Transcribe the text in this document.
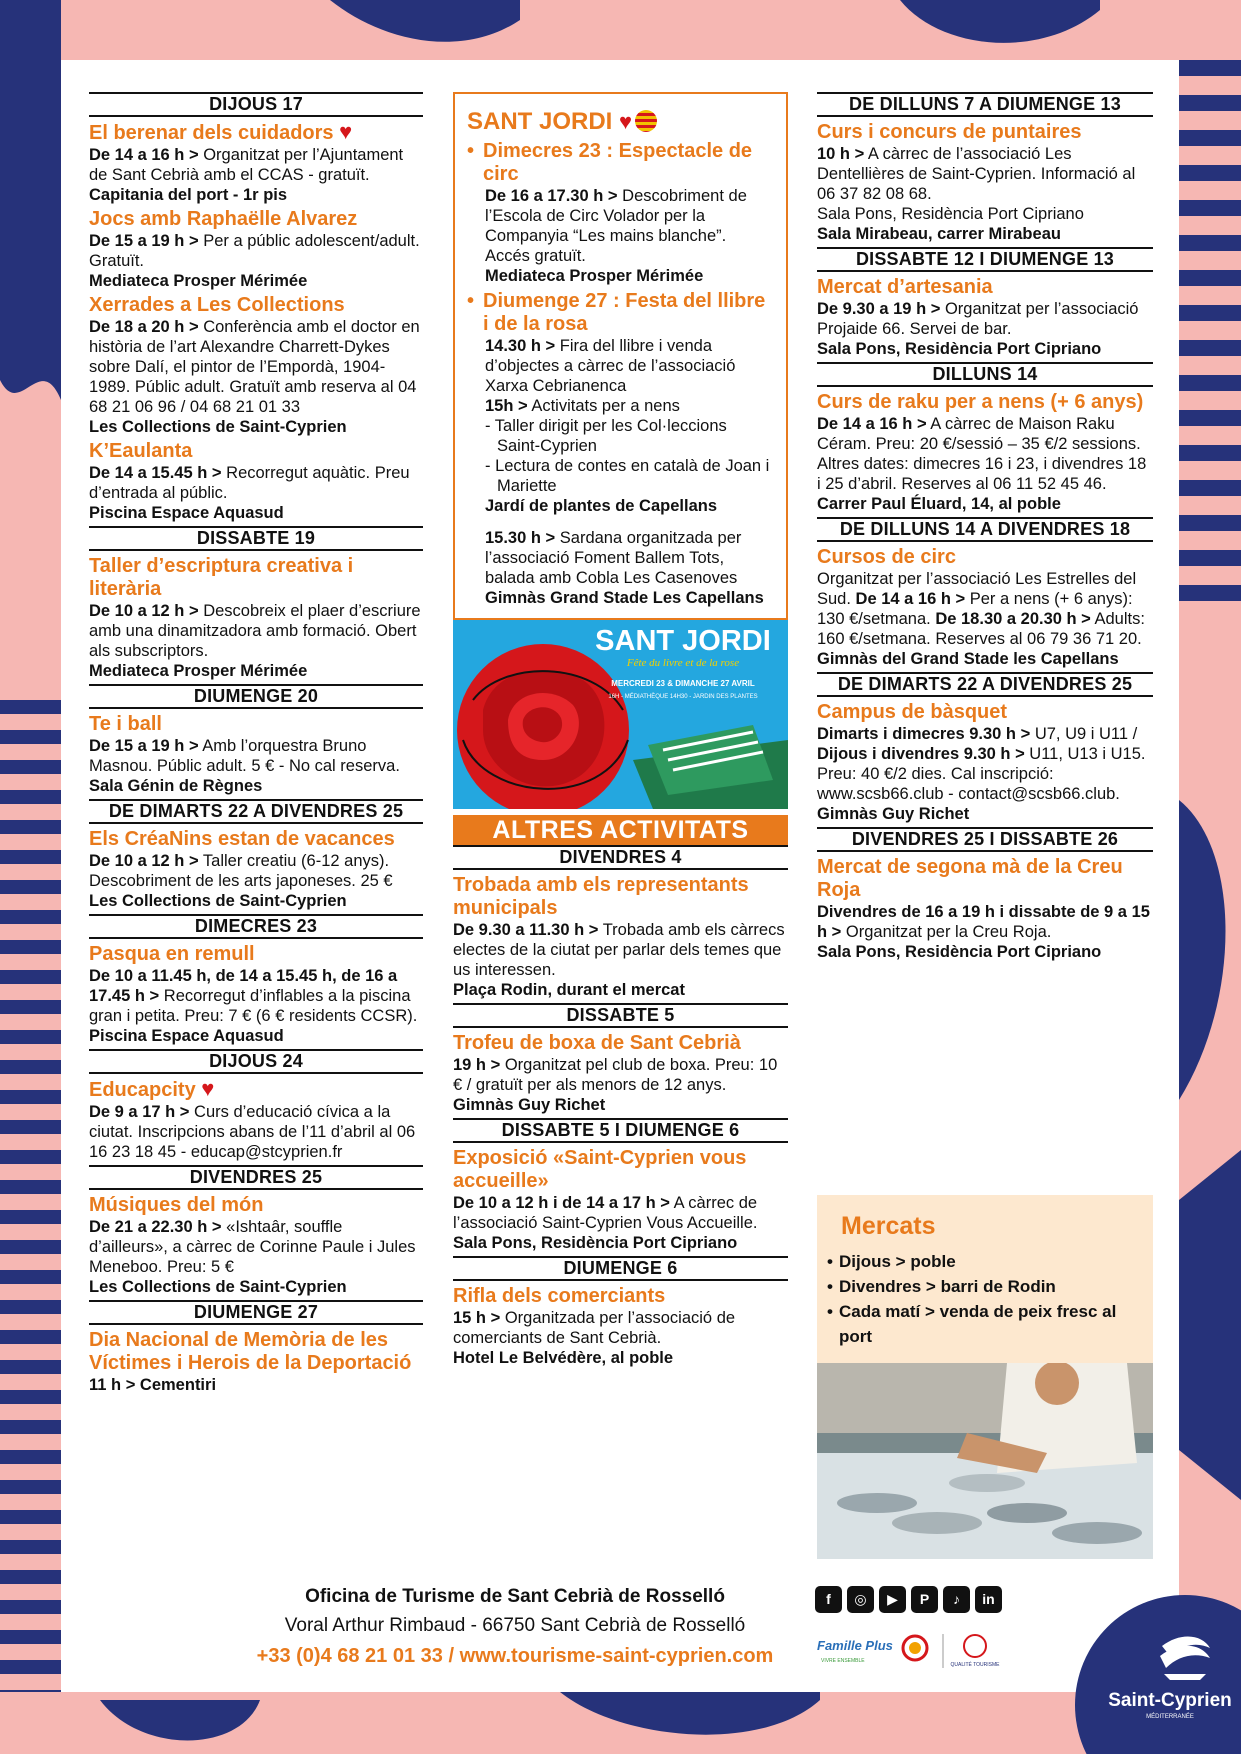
DIJOUS 17
El berenar dels cuidadors ♥
De 14 a 16 h > Organitzat per l’Ajuntament de Sant Cebrià amb el CCAS - gratuït.
Capitania del port - 1r pis
Jocs amb Raphaëlle Alvarez
De 15 a 19 h > Per a públic adolescent/adult. Gratuït.
Mediateca Prosper Mérimée
Xerrades a Les Collections
De 18 a 20 h > Conferència amb el doctor en història de l’art Alexandre Charrett-Dykes sobre Dalí, el pintor de l’Empordà, 1904-1989. Públic adult. Gratuït amb reserva al 04 68 21 06 96 / 04 68 21 01 33
Les Collections de Saint-Cyprien
K’Eaulanta
De 14 a 15.45 h > Recorregut aquàtic. Preu d’entrada al públic.
Piscina Espace Aquasud
DISSABTE 19
Taller d’escriptura creativa i literària
De 10 a 12 h > Descobreix el plaer d’escriure amb una dinamitzadora amb formació. Obert als subscriptors.
Mediateca Prosper Mérimée
DIUMENGE 20
Te i ball
De 15 a 19 h > Amb l’orquestra Bruno Masnou. Públic adult. 5 € - No cal reserva.
Sala Génin de Règnes
DE DIMARTS 22 A DIVENDRES 25
Els CréaNins estan de vacances
De 10 a 12 h > Taller creatiu (6-12 anys). Descobriment de les arts japoneses. 25 €
Les Collections de Saint-Cyprien
DIMECRES 23
Pasqua en remull
De 10 a 11.45 h, de 14 a 15.45 h, de 16 a 17.45 h > Recorregut d’inflables a la piscina gran i petita. Preu: 7 € (6 € residents CCSR).
Piscina Espace Aquasud
DIJOUS 24
Educapcity ♥
De 9 a 17 h > Curs d’educació cívica a la ciutat. Inscripcions abans de l’11 d’abril al 06 16 23 18 45 - educap@stcyprien.fr
DIVENDRES 25
Músiques del món
De 21 a 22.30 h > «Ishtaâr, souffle d’ailleurs», a càrrec de Corinne Paule i Jules Meneboo. Preu: 5 €
Les Collections de Saint-Cyprien
DIUMENGE 27
Dia Nacional de Memòria de les Víctimes i Herois de la Deportació
11 h > Cementiri
SANT JORDI ♥
• Dimecres 23 : Espectacle de circ
De 16 a 17.30 h > Descobriment de l’Escola de Circ Volador per la Companyia “Les mains blanche”. Accés gratuït.
Mediateca Prosper Mérimée
• Diumenge 27 : Festa del llibre i de la rosa
14.30 h > Fira del llibre i venda d’objectes a càrrec de l’associació Xarxa Cebrianenca
15h > Activitats per a nens
- Taller dirigit per les Col·leccions Saint-Cyprien
- Lectura de contes en català de Joan i Mariette
Jardí de plantes de Capellans
15.30 h > Sardana organitzada per l’associació Foment Ballem Tots, balada amb Cobla Les Casenoves
Gimnàs Grand Stade Les Capellans
SANT JORDI
Fête du livre et de la rose
MERCREDI 23 & DIMANCHE 27 AVRIL
16H - MÉDIATHÈQUE 14H30 - JARDIN DES PLANTES
ALTRES ACTIVITATS
DIVENDRES 4
Trobada amb els representants municipals
De 9.30 a 11.30 h > Trobada amb els càrrecs electes de la ciutat per parlar dels temes que us interessen.
Plaça Rodin, durant el mercat
DISSABTE 5
Trofeu de boxa de Sant Cebrià
19 h > Organitzat pel club de boxa. Preu: 10 € / gratuït per als menors de 12 anys.
Gimnàs Guy Richet
DISSABTE 5 I DIUMENGE 6
Exposició «Saint-Cyprien vous accueille»
De 10 a 12 h i de 14 a 17 h > A càrrec de l’associació Saint-Cyprien Vous Accueille.
Sala Pons, Residència Port Cipriano
DIUMENGE 6
Rifla dels comerciants
15 h > Organitzada per l’associació de comerciants de Sant Cebrià.
Hotel Le Belvédère, al poble
DE DILLUNS 7 A DIUMENGE 13
Curs i concurs de puntaires
10 h > A càrrec de l’associació Les Dentellières de Saint-Cyprien. Informació al 06 37 82 08 68.
Sala Pons, Residència Port Cipriano
Sala Mirabeau, carrer Mirabeau
DISSABTE 12 I DIUMENGE 13
Mercat d’artesania
De 9.30 a 19 h > Organitzat per l’associació Projaide 66. Servei de bar.
Sala Pons, Residència Port Cipriano
DILLUNS 14
Curs de raku per a nens (+ 6 anys)
De 14 a 16 h > A càrrec de Maison Raku Céram. Preu: 20 €/sessió – 35 €/2 sessions. Altres dates: dimecres 16 i 23, i divendres 18 i 25 d’abril. Reserves al 06 11 52 45 46.
Carrer Paul Éluard, 14, al poble
DE DILLUNS 14 A DIVENDRES 18
Cursos de circ
Organitzat per l’associació Les Estrelles del Sud. De 14 a 16 h > Per a nens (+ 6 anys): 130 €/setmana. De 18.30 a 20.30 h > Adults: 160 €/setmana. Reserves al 06 79 36 71 20.
Gimnàs del Grand Stade les Capellans
DE DIMARTS 22 A DIVENDRES 25
Campus de bàsquet
Dimarts i dimecres 9.30 h > U7, U9 i U11 / Dijous i divendres 9.30 h > U11, U13 i U15. Preu: 40 €/2 dies. Cal inscripció: www.scsb66.club - contact@scsb66.club.
Gimnàs Guy Richet
DIVENDRES 25 I DISSABTE 26
Mercat de segona mà de la Creu Roja
Divendres de 16 a 19 h i dissabte de 9 a 15 h > Organitzat per la Creu Roja.
Sala Pons, Residència Port Cipriano
Mercats
• Dijous > poble
• Divendres > barri de Rodin
• Cada matí > venda de peix fresc al port
Oficina de Turisme de Sant Cebrià de Rosselló
Voral Arthur Rimbaud - 66750 Sant Cebrià de Rosselló
+33 (0)4 68 21 01 33 / www.tourisme-saint-cyprien.com
f	◎	▶	P	♪	in
Famille Plus
VIVRE ENSEMBLE
QUALITÉ TOURISME
Saint-Cyprien
MÉDITERRANÉE
